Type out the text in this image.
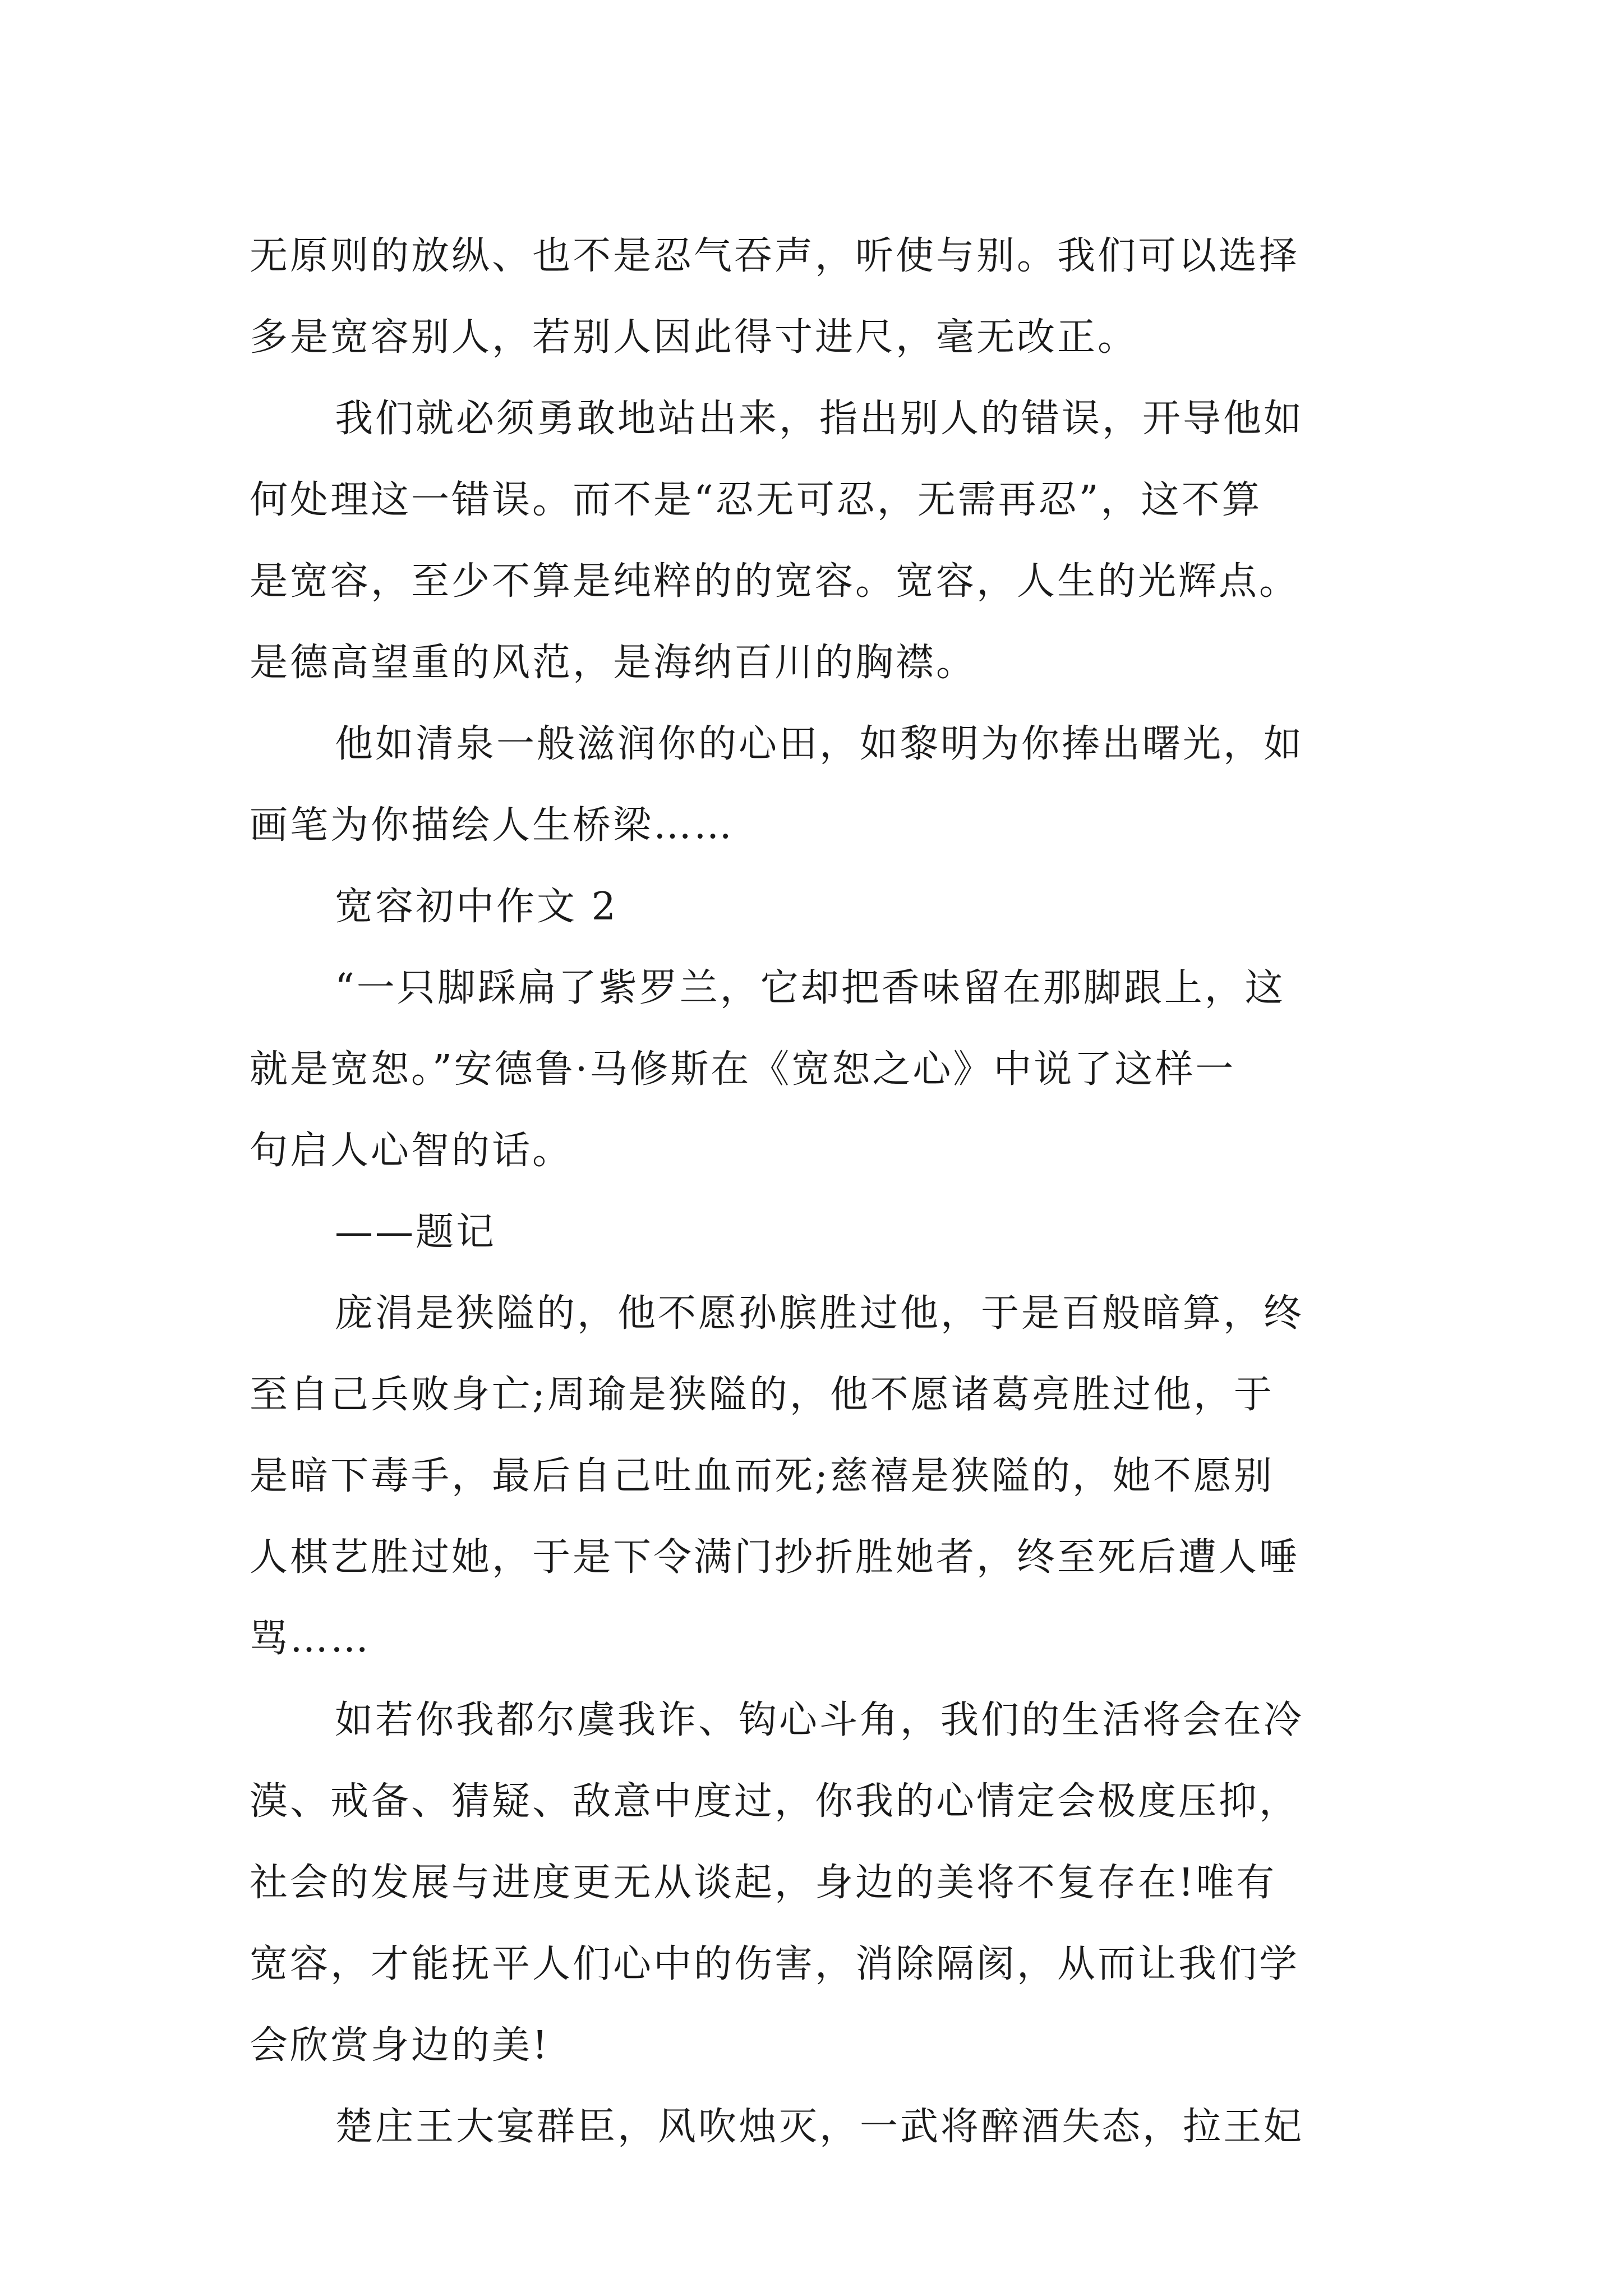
无原则的放纵、也不是忍气吞声，听使与别。我们可以选择
多是宽容别人，若别人因此得寸进尺，毫无改正。
我们就必须勇敢地站出来，指出别人的错误，开导他如
何处理这一错误。而不是“忍无可忍，无需再忍”，这不算
是宽容，至少不算是纯粹的的宽容。宽容，人生的光辉点。
是德高望重的风范，是海纳百川的胸襟。
他如清泉一般滋润你的心田，如黎明为你捧出曙光，如
画笔为你描绘人生桥梁……
宽容初中作文 2
“一只脚踩扁了紫罗兰，它却把香味留在那脚跟上，这
就是宽恕。”安德鲁·马修斯在《宽恕之心》中说了这样一
句启人心智的话。
——题记
庞涓是狭隘的，他不愿孙膑胜过他，于是百般暗算，终
至自己兵败身亡;周瑜是狭隘的，他不愿诸葛亮胜过他，于
是暗下毒手，最后自己吐血而死;慈禧是狭隘的，她不愿别
人棋艺胜过她，于是下令满门抄折胜她者，终至死后遭人唾
骂……
如若你我都尔虞我诈、钩心斗角，我们的生活将会在冷
漠、戒备、猜疑、敌意中度过，你我的心情定会极度压抑，
社会的发展与进度更无从谈起，身边的美将不复存在!唯有
宽容，才能抚平人们心中的伤害，消除隔阂，从而让我们学
会欣赏身边的美!
楚庄王大宴群臣，风吹烛灭，一武将醉酒失态，拉王妃
